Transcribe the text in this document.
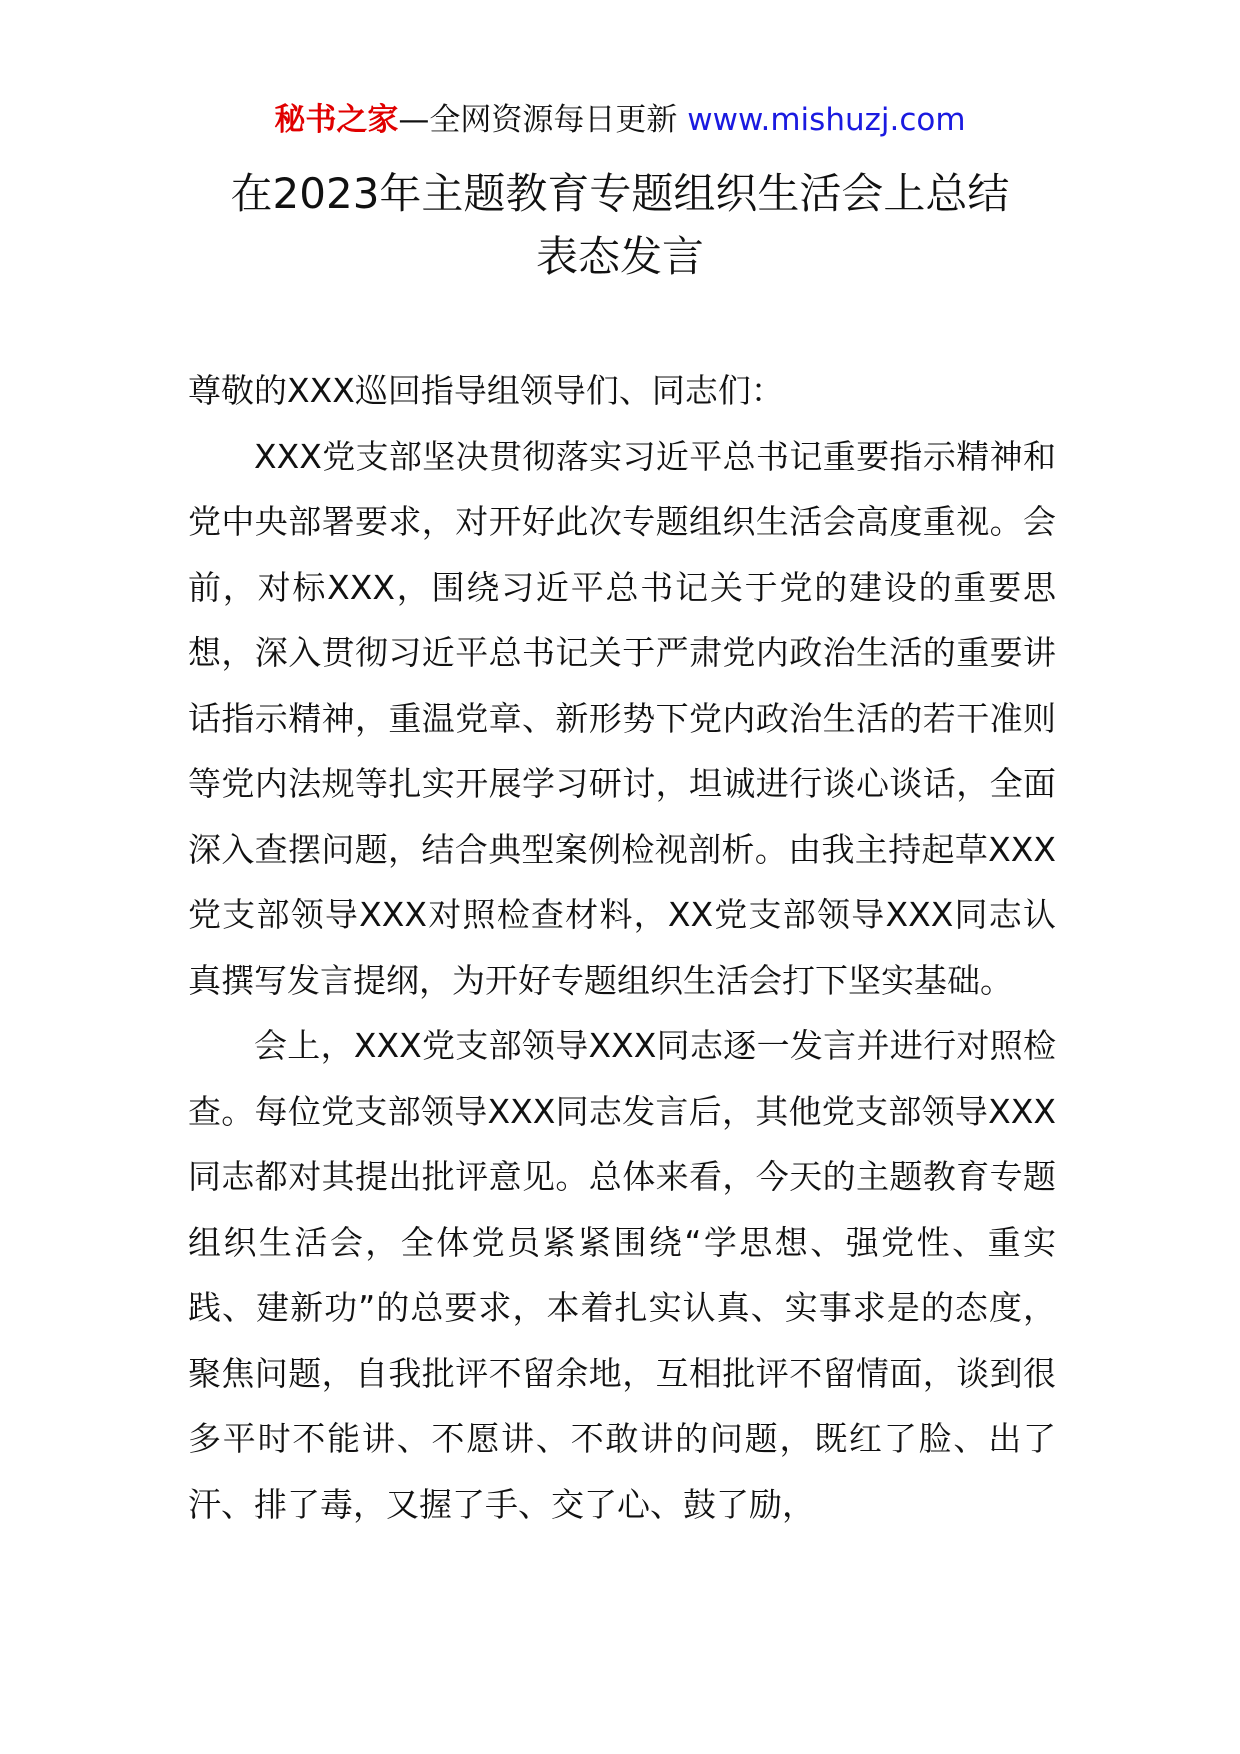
秘书之家—全网资源每日更新 www.mishuzj.com
在2023年主题教育专题组织生活会上总结
表态发言

尊敬的XXX巡回指导组领导们、同志们：

XXX党支部坚决贯彻落实习近平总书记重要指示精神和党中央部署要求，对开好此次专题组织生活会高度重视。会前，对标XXX，围绕习近平总书记关于党的建设的重要思想，深入贯彻习近平总书记关于严肃党内政治生活的重要讲话指示精神，重温党章、新形势下党内政治生活的若干准则等党内法规等扎实开展学习研讨，坦诚进行谈心谈话，全面深入查摆问题，结合典型案例检视剖析。由我主持起草XXX党支部领导XXX对照检查材料，XX党支部领导XXX同志认真撰写发言提纲，为开好专题组织生活会打下坚实基础。

会上，XXX党支部领导XXX同志逐一发言并进行对照检查。每位党支部领导XXX同志发言后，其他党支部领导XXX同志都对其提出批评意见。总体来看，今天的主题教育专题组织生活会，全体党员紧紧围绕“学思想、强党性、重实践、建新功”的总要求，本着扎实认真、实事求是的态度，聚焦问题，自我批评不留余地，互相批评不留情面，谈到很多平时不能讲、不愿讲、不敢讲的问题，既红了脸、出了汗、排了毒，又握了手、交了心、鼓了励，
